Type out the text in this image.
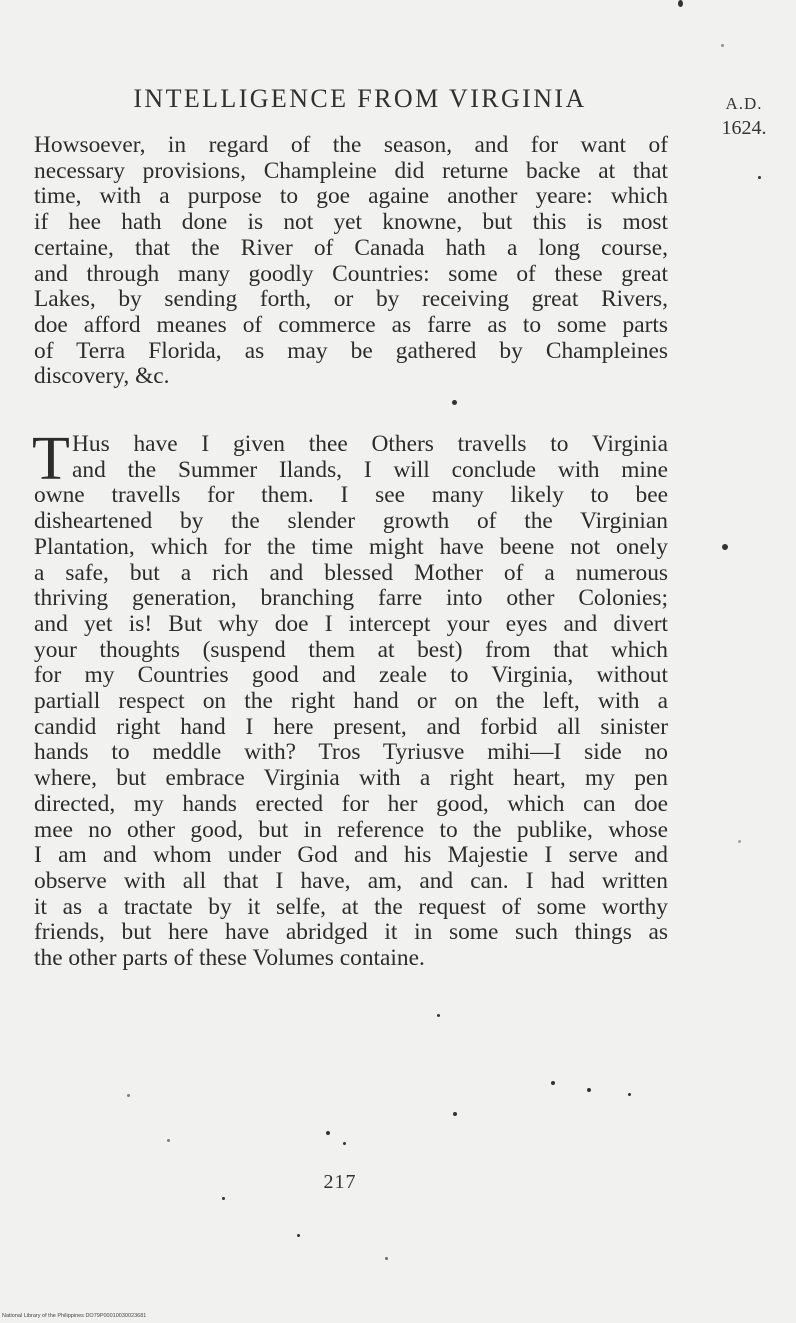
INTELLIGENCE FROM VIRGINIA	A.D.
1624.
Howsoever, in regard of the season, and for want of
necessary provisions, Champleine did returne backe at that
time, with a purpose to goe againe another yeare: which
if hee hath done is not yet knowne, but this is most
certaine, that the River of Canada hath a long course,
and through many goodly Countries: some of these great
Lakes, by sending forth, or by receiving great Rivers,
doe afford meanes of commerce as farre as to some parts
of Terra Florida, as may be gathered by Champleines
discovery, &c.
T Hus have I given thee Others travells to Virginia
and the Summer Ilands, I will conclude with mine
owne travells for them. I see many likely to bee
disheartened by the slender growth of the Virginian
Plantation, which for the time might have beene not onely
a safe, but a rich and blessed Mother of a numerous
thriving generation, branching farre into other Colonies;
and yet is! But why doe I intercept your eyes and divert
your thoughts (suspend them at best) from that which
for my Countries good and zeale to Virginia, without
partiall respect on the right hand or on the left, with a
candid right hand I here present, and forbid all sinister
hands to meddle with? Tros Tyriusve mihi—I side no
where, but embrace Virginia with a right heart, my pen
directed, my hands erected for her good, which can doe
mee no other good, but in reference to the publike, whose
I am and whom under God and his Majestie I serve and
observe with all that I have, am, and can. I had written
it as a tractate by it selfe, at the request of some worthy
friends, but here have abridged it in some such things as
the other parts of these Volumes containe.
217
National Library of the Philippines DO79P00010030023681
